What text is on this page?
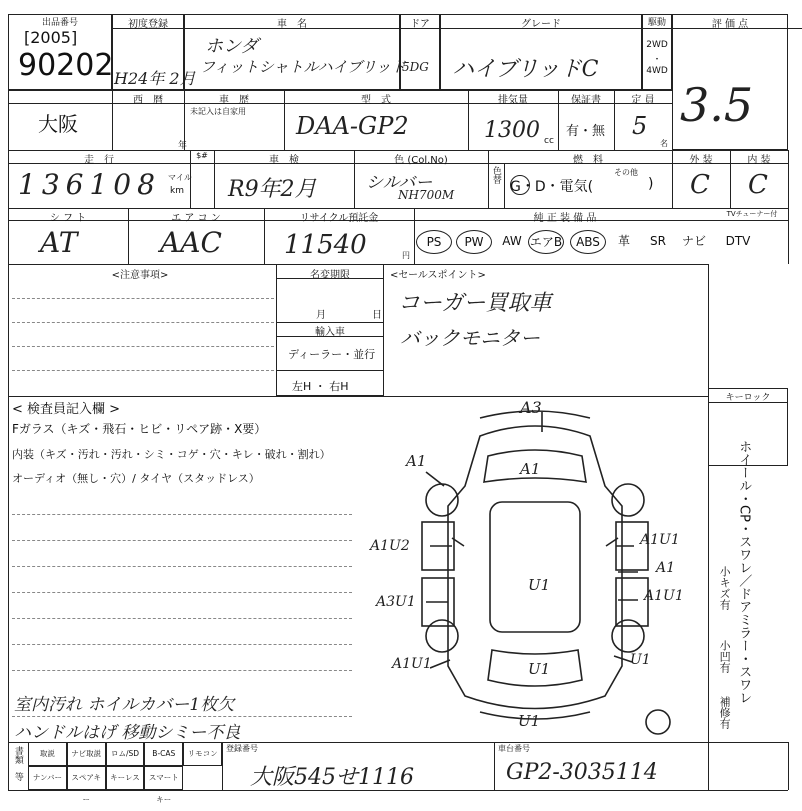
出品番号
[2005]
90202
初度登録
H24年 2月
車　名
ホンダ
フィットシャトルハイブリッド
ドア
5DG
グレード
ハイブリッドC
駆動
2WD
・
4WD
評 価 点
3.5
大阪
西　暦	車　歴
未記入は自家用
年
型　式
DAA-GP2
排気量
1300 cc
保証書
有・無
定 員
5
名
走　行
136108 マイル
km
$#	車　検
R9年2月
色 (Col.No)
シルバー
NH700M
色替
燃　料
G・D・電気(
その他
)
外 装
C
内 装
C
シ フ ト
AT
エ ア コ ン
AAC
リサイクル預託金
11540	円
純 正 装 備 品	TVチューナー付
PS	PW	AW エアB	ABS	革	SR	ナビ	DTV
<注意事項>	名変期限
月	日
輸入車
ディーラー・並行
左H ・ 右H
<セールスポイント>
コーガー買取車
バックモニター
キーロック
< 検査員記入欄 >
Fガラス（キズ・飛石・ヒビ・リペア跡・X要）
内装（キズ・汚れ・汚れ・シミ・コゲ・穴・キレ・破れ・割れ）
オーディオ（無し・穴）/ タイヤ（スタッドレス）
室内汚れ ホイルカバー1枚欠
ハンドルはげ 移動シミー不良
A3
A1	A1
A1U2	A1U1
A1
A3U1	A1U1
U1
U1
A1U1	U1
U1
ホイール・CP・スワレ／ドアミラー・スワレ
小キズ有
小凹有
補修有
書類
等
取説	ナビ取説	ロム/SD	B-CAS	リモコン
ナンバー	スペアキー
キーレス	スマートキー
登録番号
大阪545せ1116
車台番号
GP2-3035114
